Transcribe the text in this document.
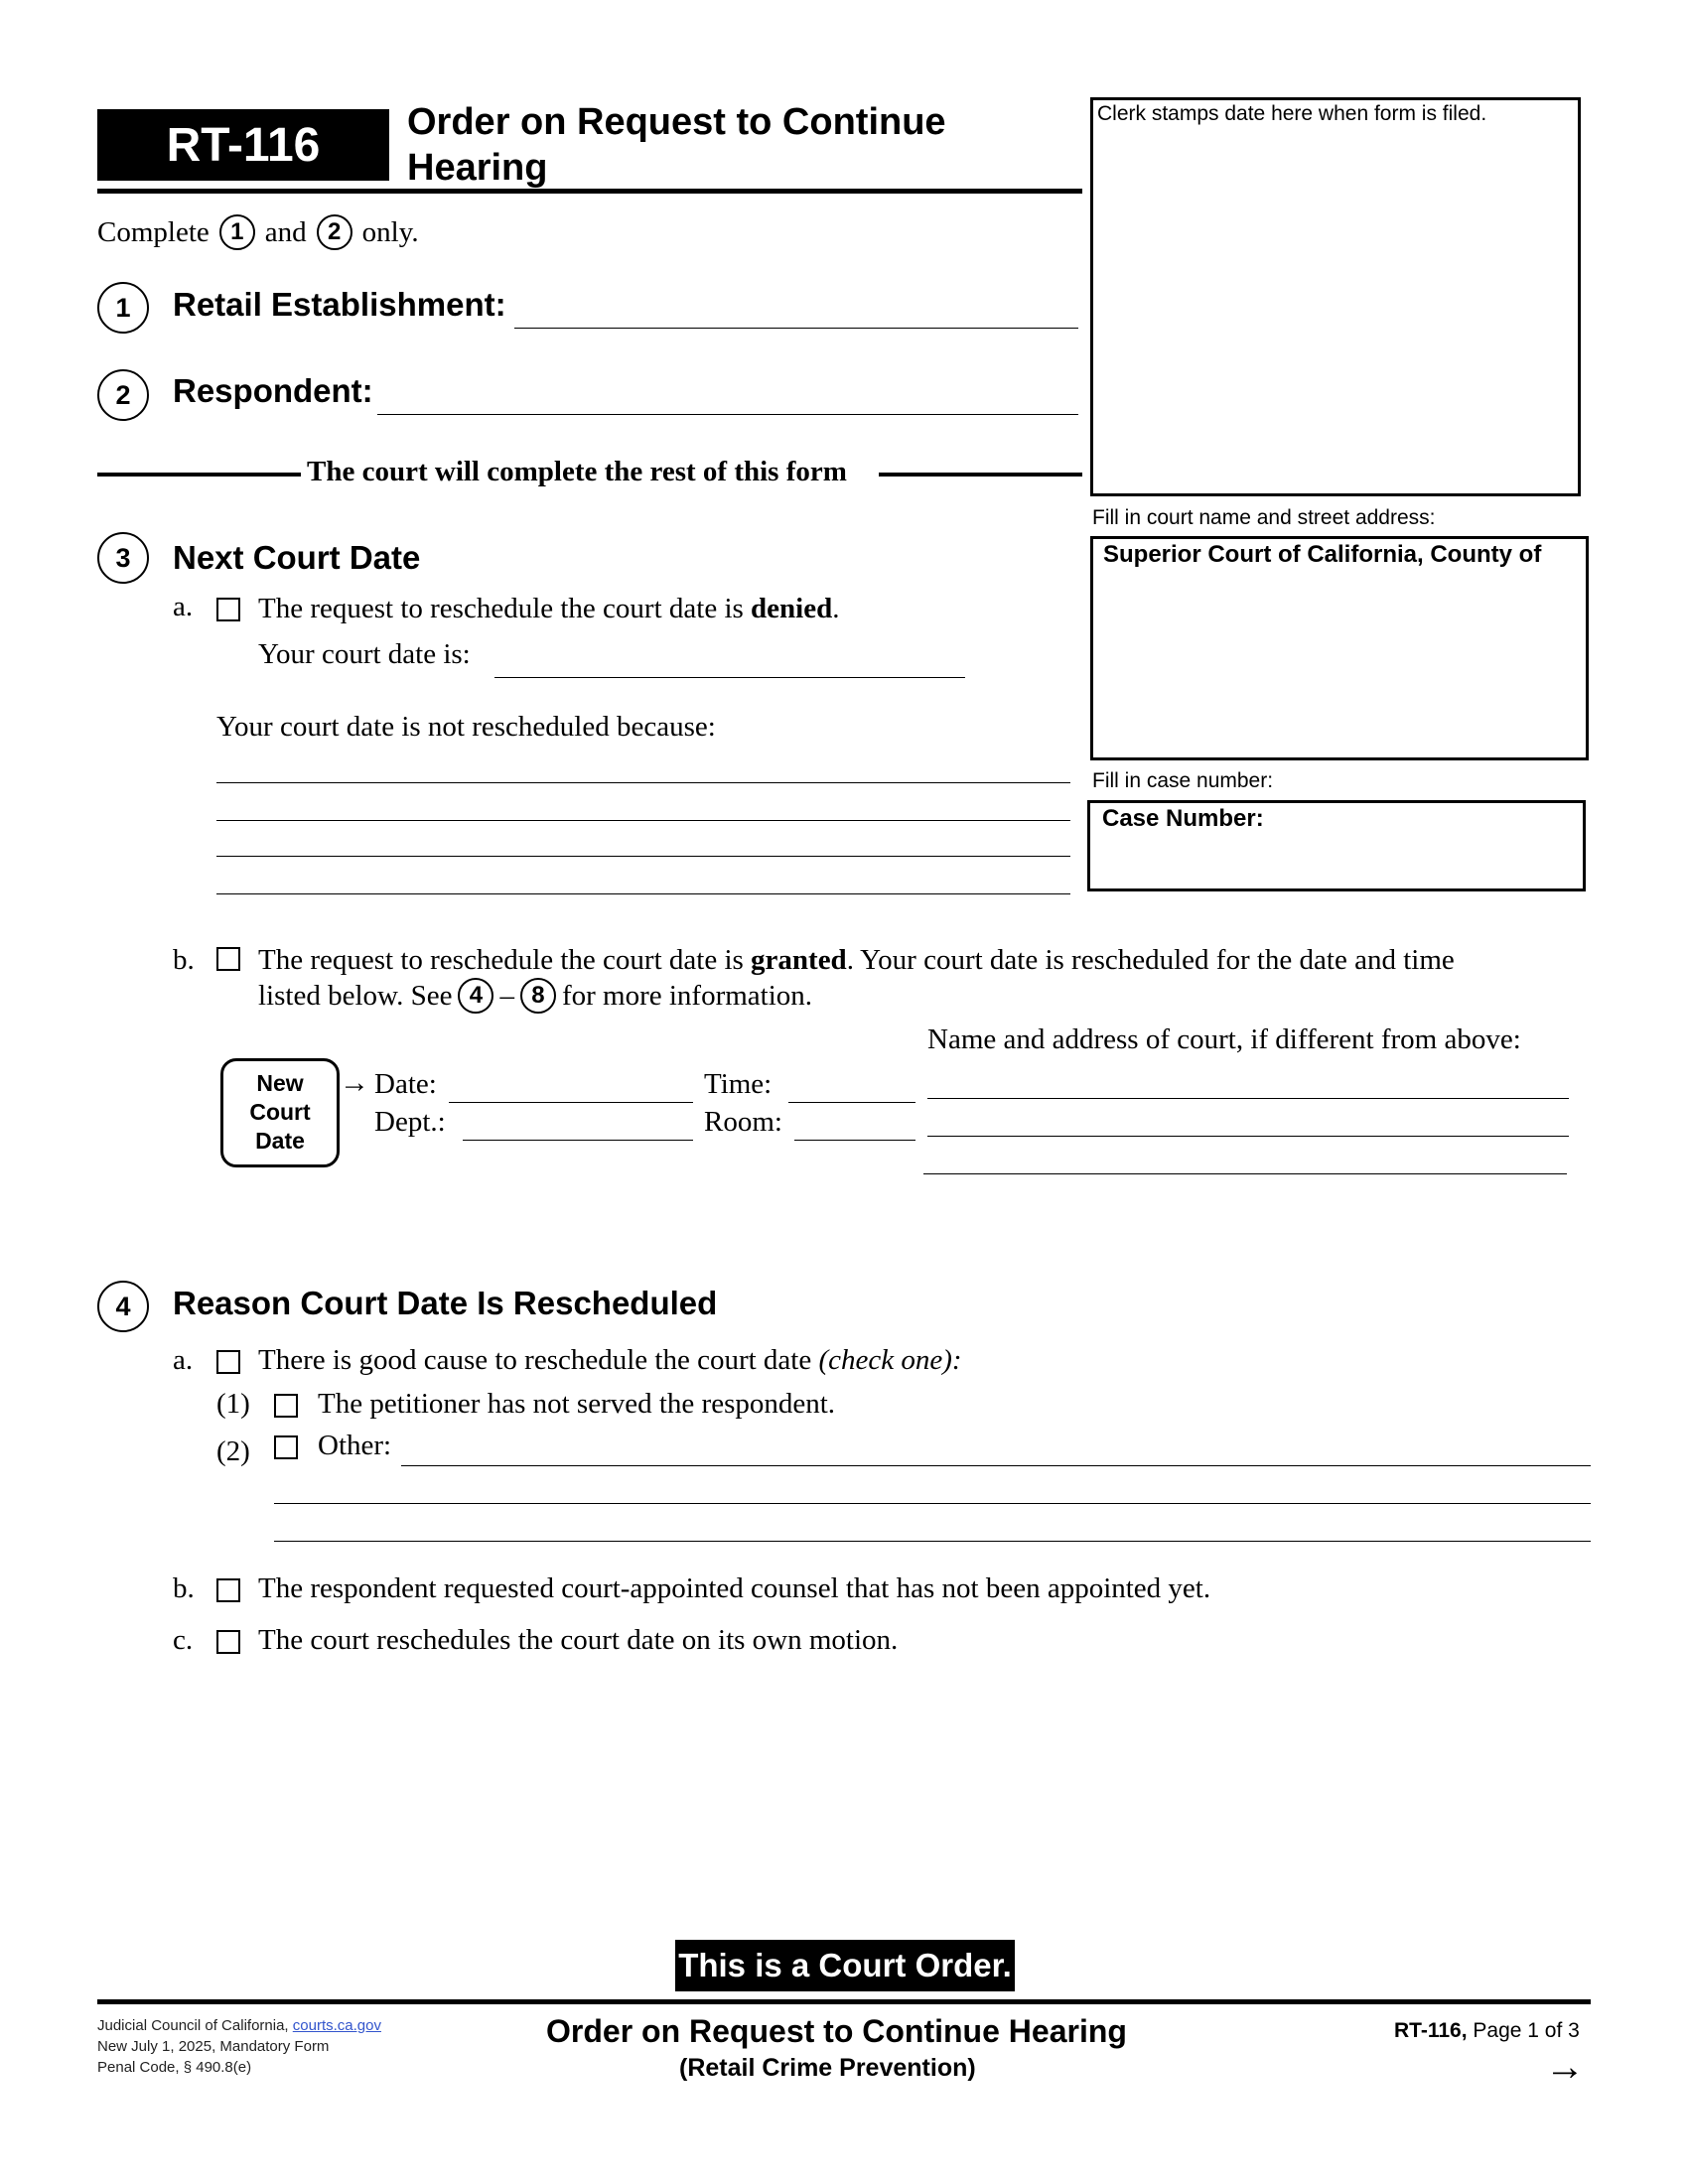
RT-116 Order on Request to Continue
Hearing
Clerk stamps date here when form is filed.
Fill in court name and street address:
Superior Court of California, County of
Fill in case number:
Case Number:
Complete 1 and 2 only.
1	Retail Establishment:
2	Respondent:
The court will complete the rest of this form
3	Next Court Date
a. The request to reschedule the court date is denied.
Your court date is:
Your court date is not rescheduled because:
b. The request to reschedule the court date is granted. Your court date is rescheduled for the date and time
listed below. See 4 – 8 for more information.
Name and address of court, if different from above:
New
Court
Date
→ Date:	Time:
Dept.:	Room:
4	Reason Court Date Is Rescheduled
a. There is good cause to reschedule the court date (check one):
(1) The petitioner has not served the respondent.
(2) Other:
b. The respondent requested court-appointed counsel that has not been appointed yet.
c. The court reschedules the court date on its own motion.
This is a Court Order.
Judicial Council of California, courts.ca.gov
New July 1, 2025, Mandatory Form
Penal Code, § 490.8(e)
Order on Request to Continue Hearing
(Retail Crime Prevention)
RT-116, Page 1 of 3
→
